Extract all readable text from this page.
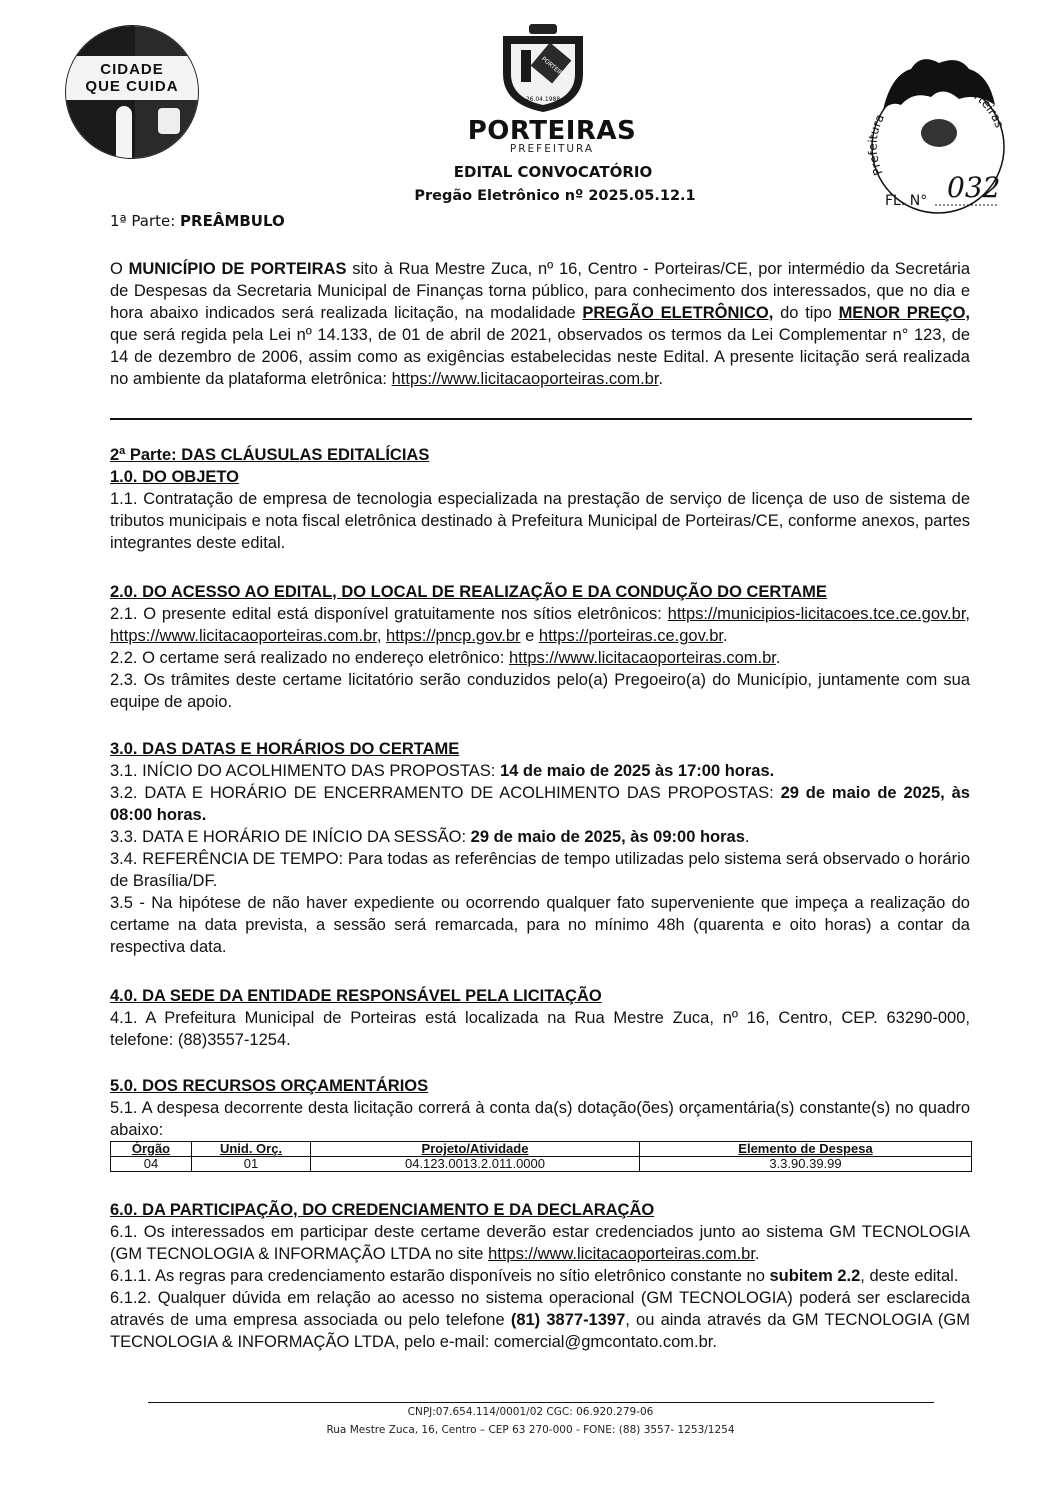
CIDADE
QUE CUIDA
26.04.1988
PORTEIRAS
PORTEIRAS
PREFEITURA
EDITAL CONVOCATÓRIO
Pregão Eletrônico nº 2025.05.12.1
Prefeitura
Porteiras
FL. N° 032
1ª Parte: PREÂMBULO
O MUNICÍPIO DE PORTEIRAS sito à Rua Mestre Zuca, nº 16, Centro - Porteiras/CE, por intermédio da Secretária de Despesas da Secretaria Municipal de Finanças torna público, para conhecimento dos interessados, que no dia e hora abaixo indicados será realizada licitação, na modalidade PREGÃO ELETRÔNICO, do tipo MENOR PREÇO, que será regida pela Lei nº 14.133, de 01 de abril de 2021, observados os termos da Lei Complementar n° 123, de 14 de dezembro de 2006, assim como as exigências estabelecidas neste Edital. A presente licitação será realizada no ambiente da plataforma eletrônica: https://www.licitacaoporteiras.com.br.
2ª Parte: DAS CLÁUSULAS EDITALÍCIAS
1.0. DO OBJETO
1.1. Contratação de empresa de tecnologia especializada na prestação de serviço de licença de uso de sistema de tributos municipais e nota fiscal eletrônica destinado à Prefeitura Municipal de Porteiras/CE, conforme anexos, partes integrantes deste edital.
2.0. DO ACESSO AO EDITAL, DO LOCAL DE REALIZAÇÃO E DA CONDUÇÃO DO CERTAME
2.1. O presente edital está disponível gratuitamente nos sítios eletrônicos: https://municipios-licitacoes.tce.ce.gov.br, https://www.licitacaoporteiras.com.br, https://pncp.gov.br e https://porteiras.ce.gov.br.
2.2. O certame será realizado no endereço eletrônico: https://www.licitacaoporteiras.com.br.
2.3. Os trâmites deste certame licitatório serão conduzidos pelo(a) Pregoeiro(a) do Município, juntamente com sua equipe de apoio.
3.0. DAS DATAS E HORÁRIOS DO CERTAME
3.1. INÍCIO DO ACOLHIMENTO DAS PROPOSTAS: 14 de maio de 2025 às 17:00 horas.
3.2. DATA E HORÁRIO DE ENCERRAMENTO DE ACOLHIMENTO DAS PROPOSTAS: 29 de maio de 2025, às 08:00 horas.
3.3. DATA E HORÁRIO DE INÍCIO DA SESSÃO: 29 de maio de 2025, às 09:00 horas.
3.4. REFERÊNCIA DE TEMPO: Para todas as referências de tempo utilizadas pelo sistema será observado o horário de Brasília/DF.
3.5 - Na hipótese de não haver expediente ou ocorrendo qualquer fato superveniente que impeça a realização do certame na data prevista, a sessão será remarcada, para no mínimo 48h (quarenta e oito horas) a contar da respectiva data.
4.0. DA SEDE DA ENTIDADE RESPONSÁVEL PELA LICITAÇÃO
4.1. A Prefeitura Municipal de Porteiras está localizada na Rua Mestre Zuca, nº 16, Centro, CEP. 63290-000, telefone: (88)3557-1254.
5.0. DOS RECURSOS ORÇAMENTÁRIOS
5.1. A despesa decorrente desta licitação correrá à conta da(s) dotação(ões) orçamentária(s) constante(s) no quadro abaixo:
Órgão	Unid. Orç.	Projeto/Atividade	Elemento de Despesa
04	01	04.123.0013.2.011.0000	3.3.90.39.99
6.0. DA PARTICIPAÇÃO, DO CREDENCIAMENTO E DA DECLARAÇÃO
6.1. Os interessados em participar deste certame deverão estar credenciados junto ao sistema GM TECNOLOGIA (GM TECNOLOGIA & INFORMAÇÃO LTDA no site https://www.licitacaoporteiras.com.br.
6.1.1. As regras para credenciamento estarão disponíveis no sítio eletrônico constante no subitem 2.2, deste edital.
6.1.2. Qualquer dúvida em relação ao acesso no sistema operacional (GM TECNOLOGIA) poderá ser esclarecida através de uma empresa associada ou pelo telefone (81) 3877-1397, ou ainda através da GM TECNOLOGIA (GM TECNOLOGIA & INFORMAÇÃO LTDA, pelo e-mail: comercial@gmcontato.com.br.
CNPJ:07.654.114/0001/02 CGC: 06.920.279-06
Rua Mestre Zuca, 16, Centro – CEP 63 270-000 - FONE: (88) 3557- 1253/1254
